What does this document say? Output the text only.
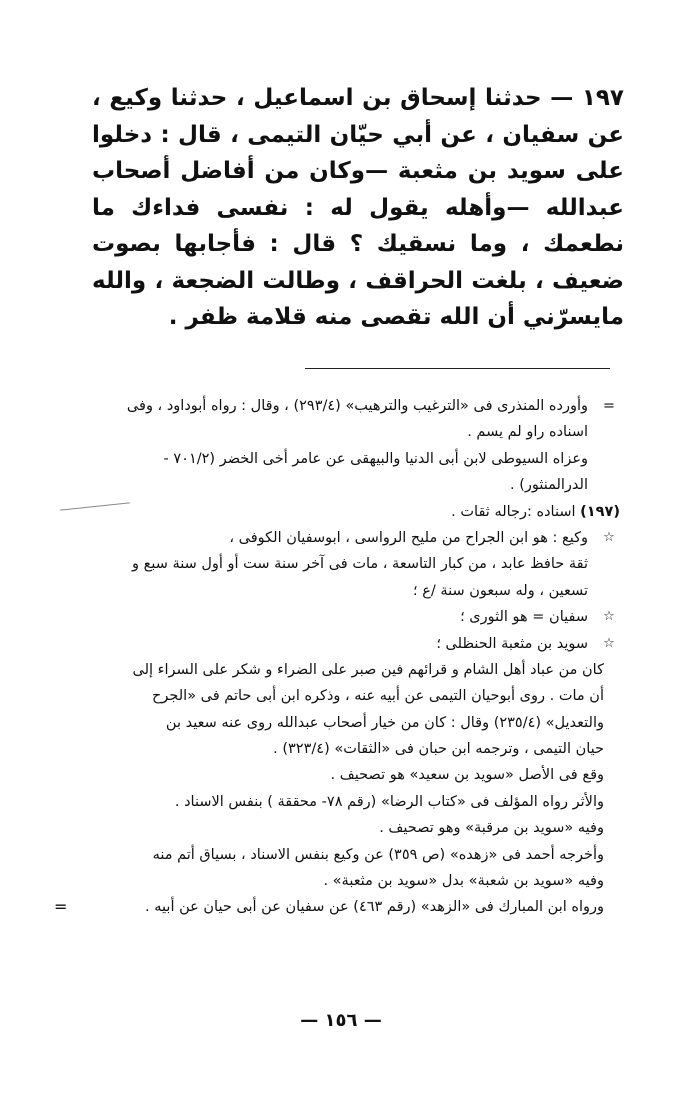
١٩٧ — حدثنا إسحاق بن اسماعيل ، حدثنا وكيع ، عن سفيان ، عن أبي حيّان التيمى ، قال : دخلوا على سويد بن مثعبة —وكان من أفاضل أصحاب عبدالله —وأهله يقول له : نفسى فداءك ما نطعمك ، وما نسقيك ؟ قال : فأجابها بصوت ضعيف ، بلغت الحراقف ، وطالت الضجعة ، والله مايسرّني أن الله تقصى منه قلامة ظفر .
=
وأورده المنذرى فى «الترغيب والترهيب» (٢٩٣/٤) ، وقال : رواه أبوداود ، وفى
اسناده راو لم يسم .
وعزاه السيوطى لابن أبى الدنيا والبيهقى عن عامر أخى الخضر (٧٠١/٢ -
الدرالمنثور) .
(١٩٧) اسناده :رجاله ثقات .
☆
وكيع : هو ابن الجراح من مليح الرواسى ، ابوسفيان الكوفى ،
ثقة حافظ عابد ، من كبار التاسعة ، مات فى آخر سنة ست أو أول سنة سبع و
تسعين ، وله سبعون سنة /ع ؛
☆
سفيان = هو الثورى ؛
☆
سويد بن مثعبة الحنظلى ؛
كان من عباد أهل الشام و قرائهم فين صبر على الضراء و شكر على السراء إلى
أن مات . روى أبوحيان التيمى عن أبيه عنه ، وذكره ابن أبى حاتم فى «الجرح
والتعديل» (٢٣٥/٤) وقال : كان من خيار أصحاب عبدالله روى عنه سعيد بن
حيان التيمى ، وترجمه ابن حبان فى «الثقات» (٣٢٣/٤) .
وقع فى الأصل «سويد بن سعيد» هو تصحيف .
والأثر رواه المؤلف فى «كتاب الرضا» (رقم ٧٨- محققة ) بنفس الاسناد .
وفيه «سويد بن مرقبة» وهو تصحيف .
وأخرجه أحمد فى «زهده» (ص ٣٥٩) عن وكيع بنفس الاسناد ، بسياق أتم منه
وفيه «سويد بن شعبة» بدل «سويد بن مثعبة» .
ورواه ابن المبارك فى «الزهد» (رقم ٤٦٣) عن سفيان عن أبى حيان عن أبيه .
=
— ١٥٦ —
